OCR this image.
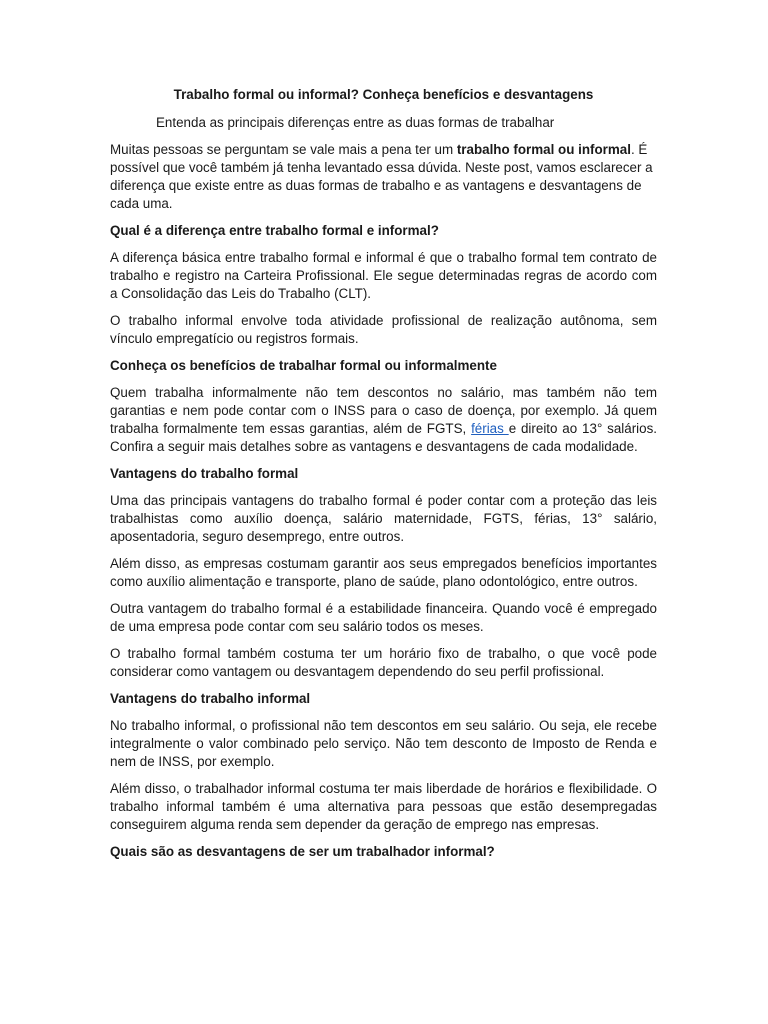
Trabalho formal ou informal? Conheça benefícios e desvantagens

Entenda as principais diferenças entre as duas formas de trabalhar

Muitas pessoas se perguntam se vale mais a pena ter um trabalho formal ou informal. É possível que você também já tenha levantado essa dúvida. Neste post, vamos esclarecer a diferença que existe entre as duas formas de trabalho e as vantagens e desvantagens de cada uma.

Qual é a diferença entre trabalho formal e informal?

A diferença básica entre trabalho formal e informal é que o trabalho formal tem contrato de trabalho e registro na Carteira Profissional. Ele segue determinadas regras de acordo com a Consolidação das Leis do Trabalho (CLT).

O trabalho informal envolve toda atividade profissional de realização autônoma, sem vínculo empregatício ou registros formais.

Conheça os benefícios de trabalhar formal ou informalmente

Quem trabalha informalmente não tem descontos no salário, mas também não tem garantias e nem pode contar com o INSS para o caso de doença, por exemplo. Já quem trabalha formalmente tem essas garantias, além de FGTS, férias e direito ao 13° salários. Confira a seguir mais detalhes sobre as vantagens e desvantagens de cada modalidade.

Vantagens do trabalho formal

Uma das principais vantagens do trabalho formal é poder contar com a proteção das leis trabalhistas como auxílio doença, salário maternidade, FGTS, férias, 13° salário, aposentadoria, seguro desemprego, entre outros.

Além disso, as empresas costumam garantir aos seus empregados benefícios importantes como auxílio alimentação e transporte, plano de saúde, plano odontológico, entre outros.

Outra vantagem do trabalho formal é a estabilidade financeira. Quando você é empregado de uma empresa pode contar com seu salário todos os meses.

O trabalho formal também costuma ter um horário fixo de trabalho, o que você pode considerar como vantagem ou desvantagem dependendo do seu perfil profissional.

Vantagens do trabalho informal

No trabalho informal, o profissional não tem descontos em seu salário. Ou seja, ele recebe integralmente o valor combinado pelo serviço. Não tem desconto de Imposto de Renda e nem de INSS, por exemplo.

Além disso, o trabalhador informal costuma ter mais liberdade de horários e flexibilidade. O trabalho informal também é uma alternativa para pessoas que estão desempregadas conseguirem alguma renda sem depender da geração de emprego nas empresas.

Quais são as desvantagens de ser um trabalhador informal?
